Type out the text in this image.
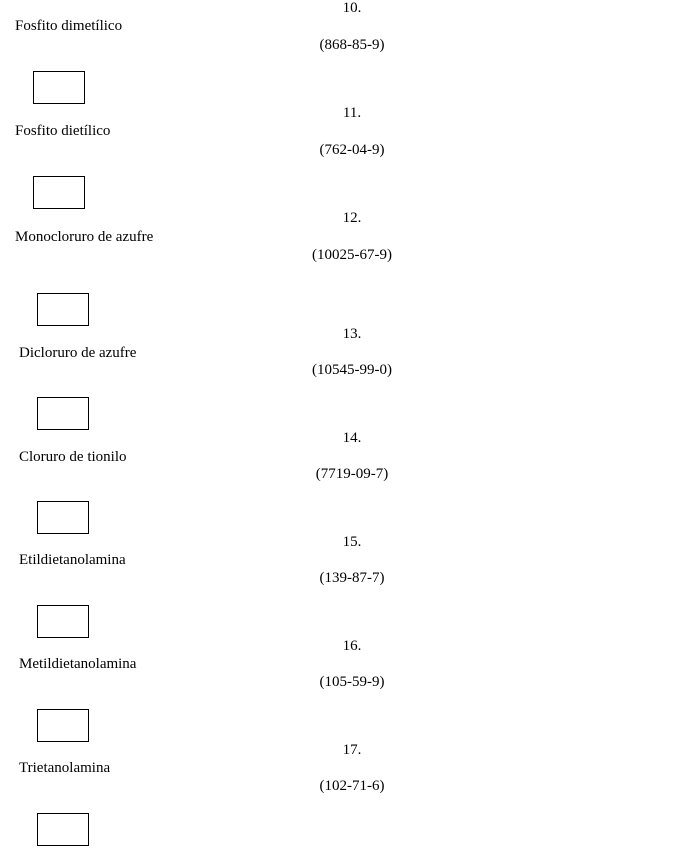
10.
Fosfito dimetílico
(868-85-9)
11.
Fosfito dietílico
(762-04-9)
12.
Monocloruro de azufre
(10025-67-9)
13.
Dicloruro de azufre
(10545-99-0)
14.
Cloruro de tionilo
(7719-09-7)
15.
Etildietanolamina
(139-87-7)
16.
Metildietanolamina
(105-59-9)
17.
Trietanolamina
(102-71-6)
